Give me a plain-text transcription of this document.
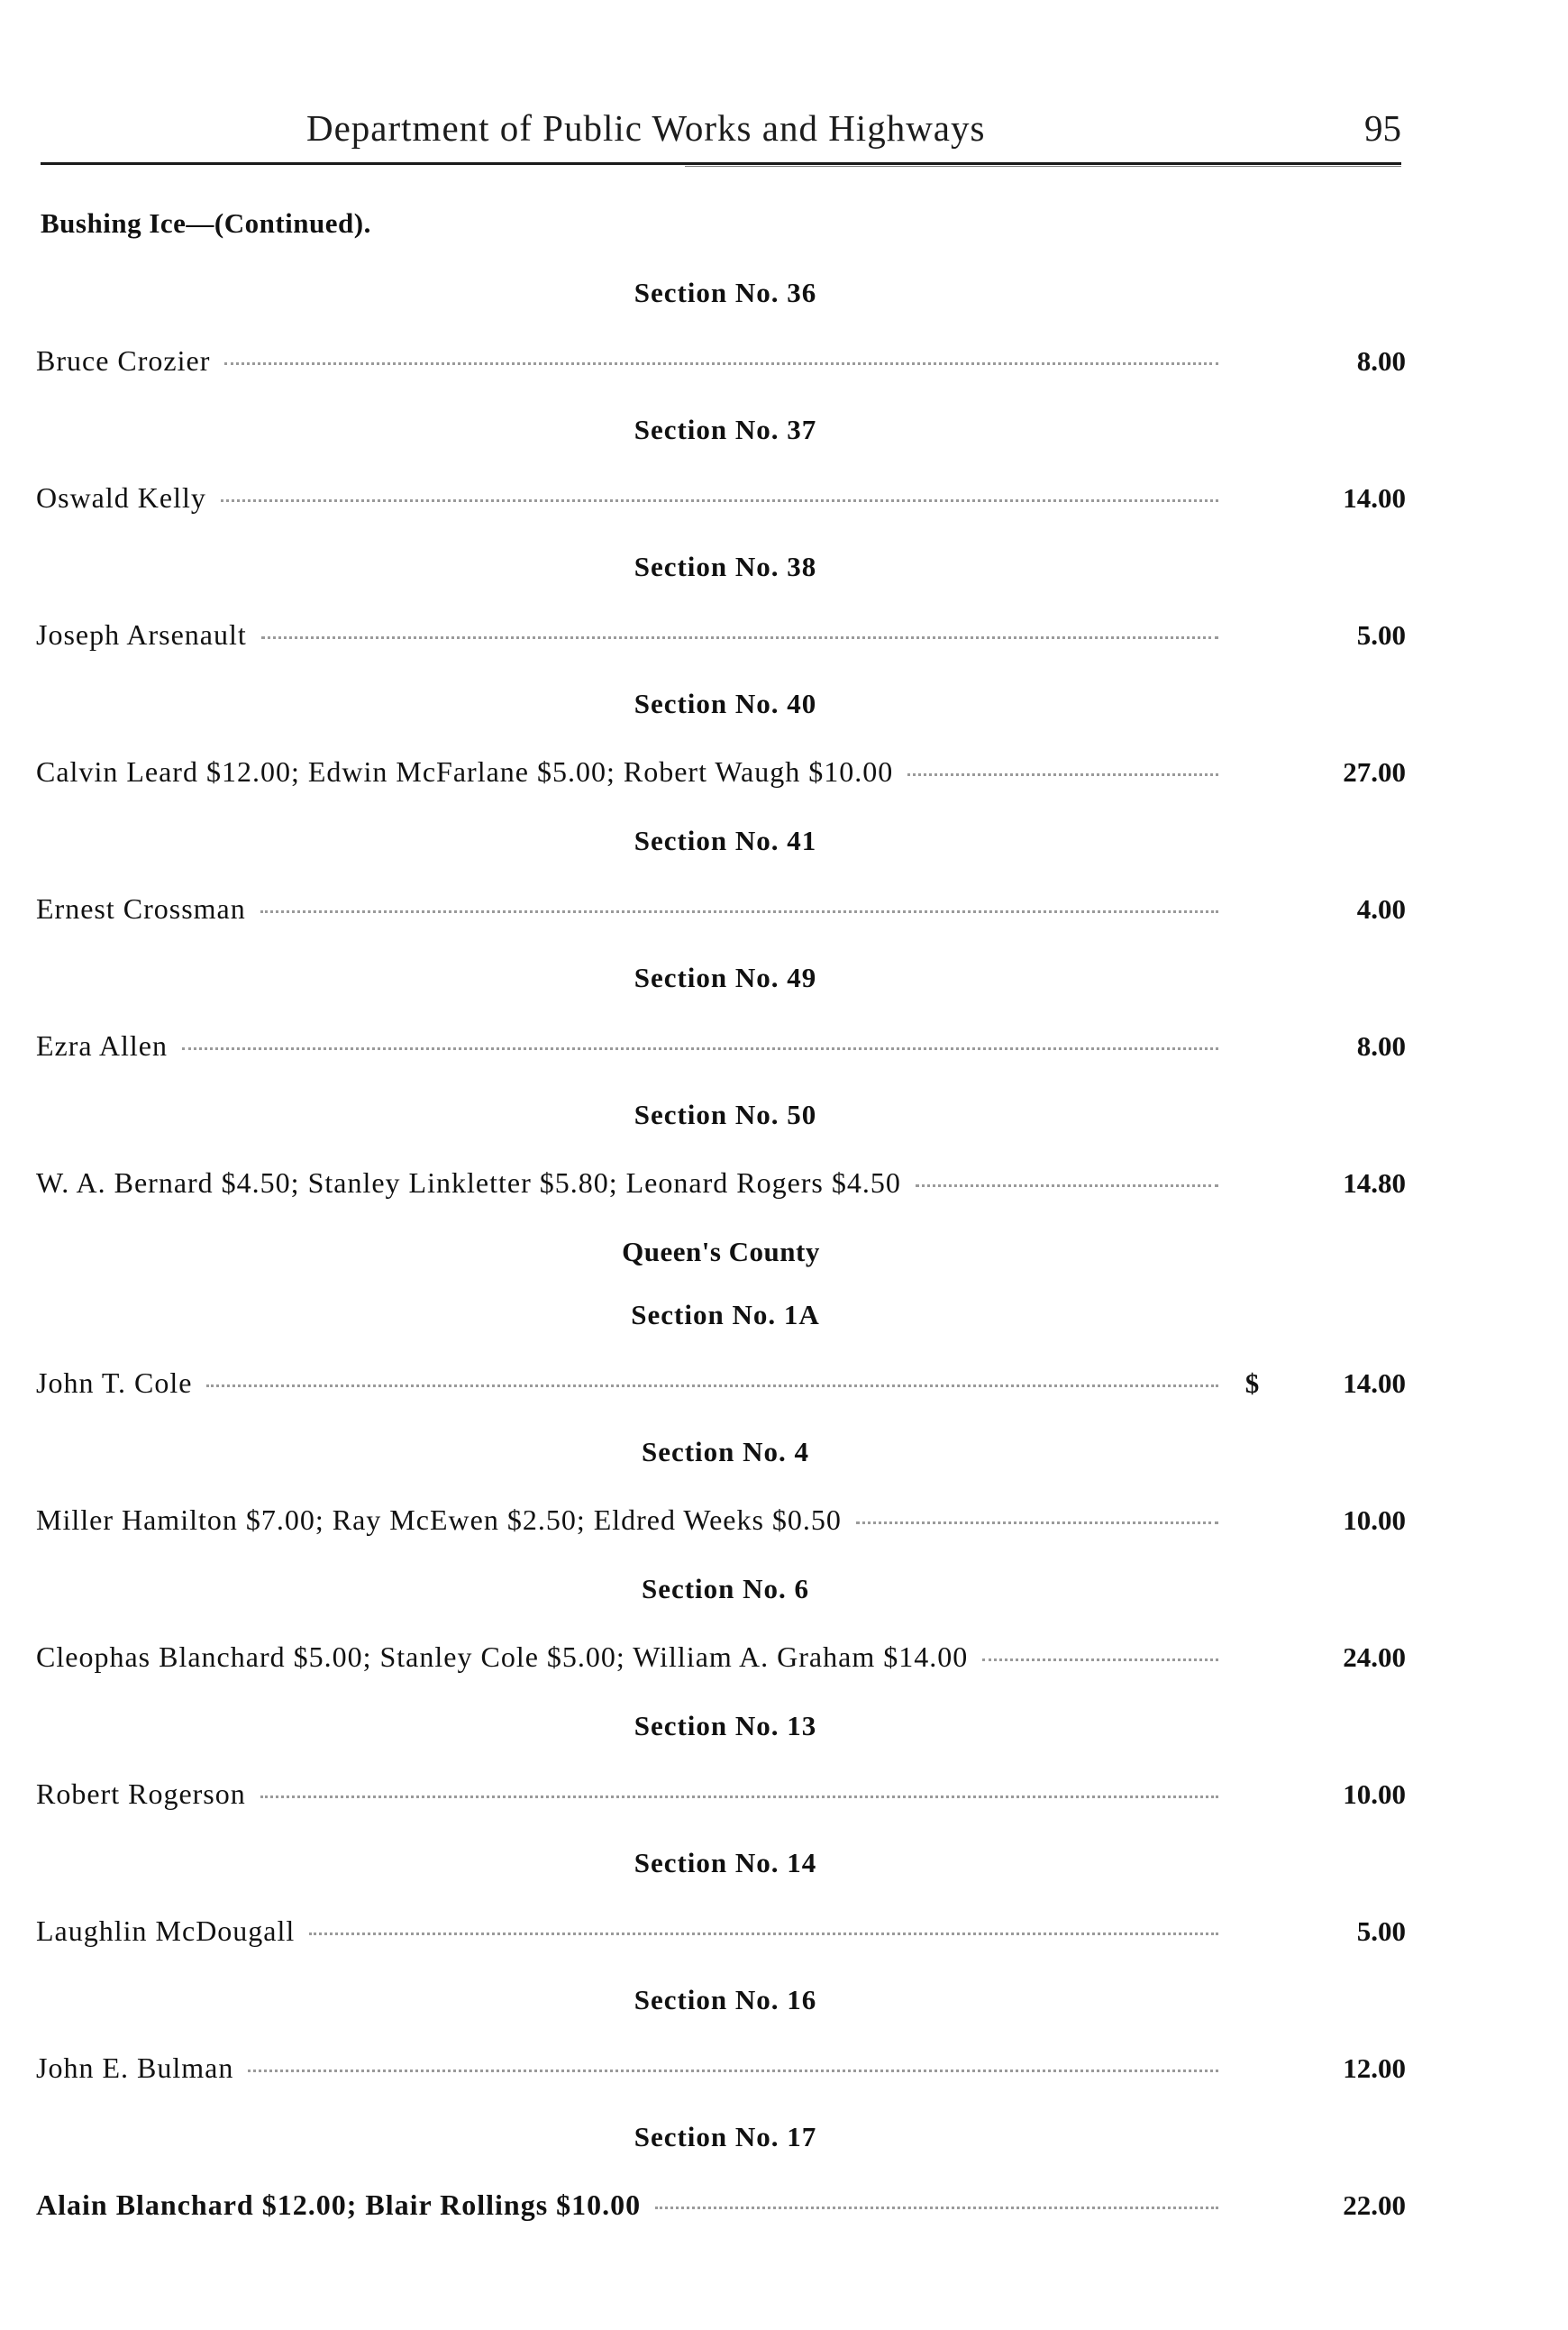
Department of Public Works and Highways	95
Bushing Ice—(Continued).
Section No. 36
Bruce Crozier	8.00
Section No. 37
Oswald Kelly	14.00
Section No. 38
Joseph Arsenault	5.00
Section No. 40
Calvin Leard $12.00; Edwin McFarlane $5.00; Robert Waugh $10.00	27.00
Section No. 41
Ernest Crossman	4.00
Section No. 49
Ezra Allen	8.00
Section No. 50
W. A. Bernard $4.50; Stanley Linkletter $5.80; Leonard Rogers $4.50	14.80
Queen's County
Section No. 1A
John T. Cole	$	14.00
Section No. 4
Miller Hamilton $7.00; Ray McEwen $2.50; Eldred Weeks $0.50	10.00
Section No. 6
Cleophas Blanchard $5.00; Stanley Cole $5.00; William A. Graham $14.00	24.00
Section No. 13
Robert Rogerson	10.00
Section No. 14
Laughlin McDougall	5.00
Section No. 16
John E. Bulman	12.00
Section No. 17
Alain Blanchard $12.00; Blair Rollings $10.00	22.00
